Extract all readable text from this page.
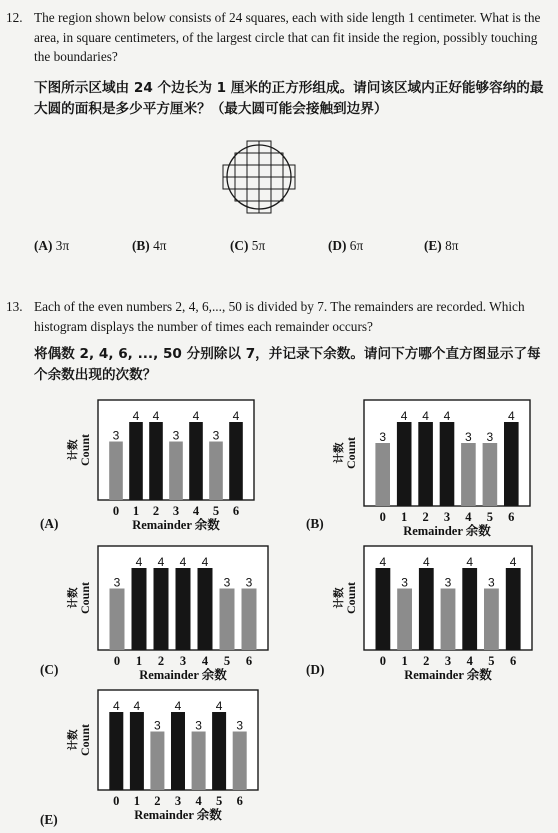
12. The region shown below consists of 24 squares, each with side length 1 centimeter. What is the area, in square centimeters, of the largest circle that can fit inside the region, possibly touching the boundaries?
下图所示区域由 24 个边长为 1 厘米的正方形组成。请问该区域内正好能够容纳的最大圆的面积是多少平方厘米？（最大圆可能会接触到边界）
(A) 3π	(B) 4π	(C) 5π	(D) 6π	(E) 8π
13. Each of the even numbers 2, 4, 6,..., 50 is divided by 7. The remainders are recorded. Which histogram displays the number of times each remainder occurs?
将偶数 2, 4, 6, ..., 50 分别除以 7，并记录下余数。请问下方哪个直方图显示了每个余数出现的次数？
3
0
4
1
4
2
3
3
4
4
3
5
4
6
Remainder 余数
计数Count
(A)
3
0
4
1
4
2
4
3
3
4
3
5
4
6
Remainder 余数
计数Count
(B)
3
0
4
1
4
2
4
3
4
4
3
5
3
6
Remainder 余数
计数Count
(C)
4
0
3
1
4
2
3
3
4
4
3
5
4
6
Remainder 余数
计数Count
(D)
4
0
4
1
3
2
4
3
3
4
4
5
3
6
Remainder 余数
计数Count
(E)
